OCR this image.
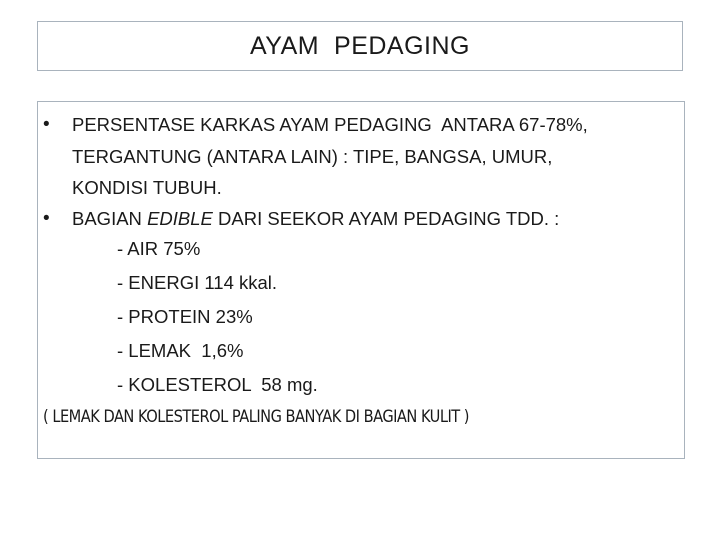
AYAM  PEDAGING
• PERSENTASE KARKAS AYAM PEDAGING  ANTARA 67-78%,
TERGANTUNG (ANTARA LAIN) : TIPE, BANGSA, UMUR,
KONDISI TUBUH.
• BAGIAN EDIBLE DARI SEEKOR AYAM PEDAGING TDD. :
- AIR 75%
- ENERGI 114 kkal.
- PROTEIN 23%
- LEMAK  1,6%
- KOLESTEROL  58 mg.
( LEMAK DAN KOLESTEROL PALING BANYAK DI BAGIAN KULIT )
